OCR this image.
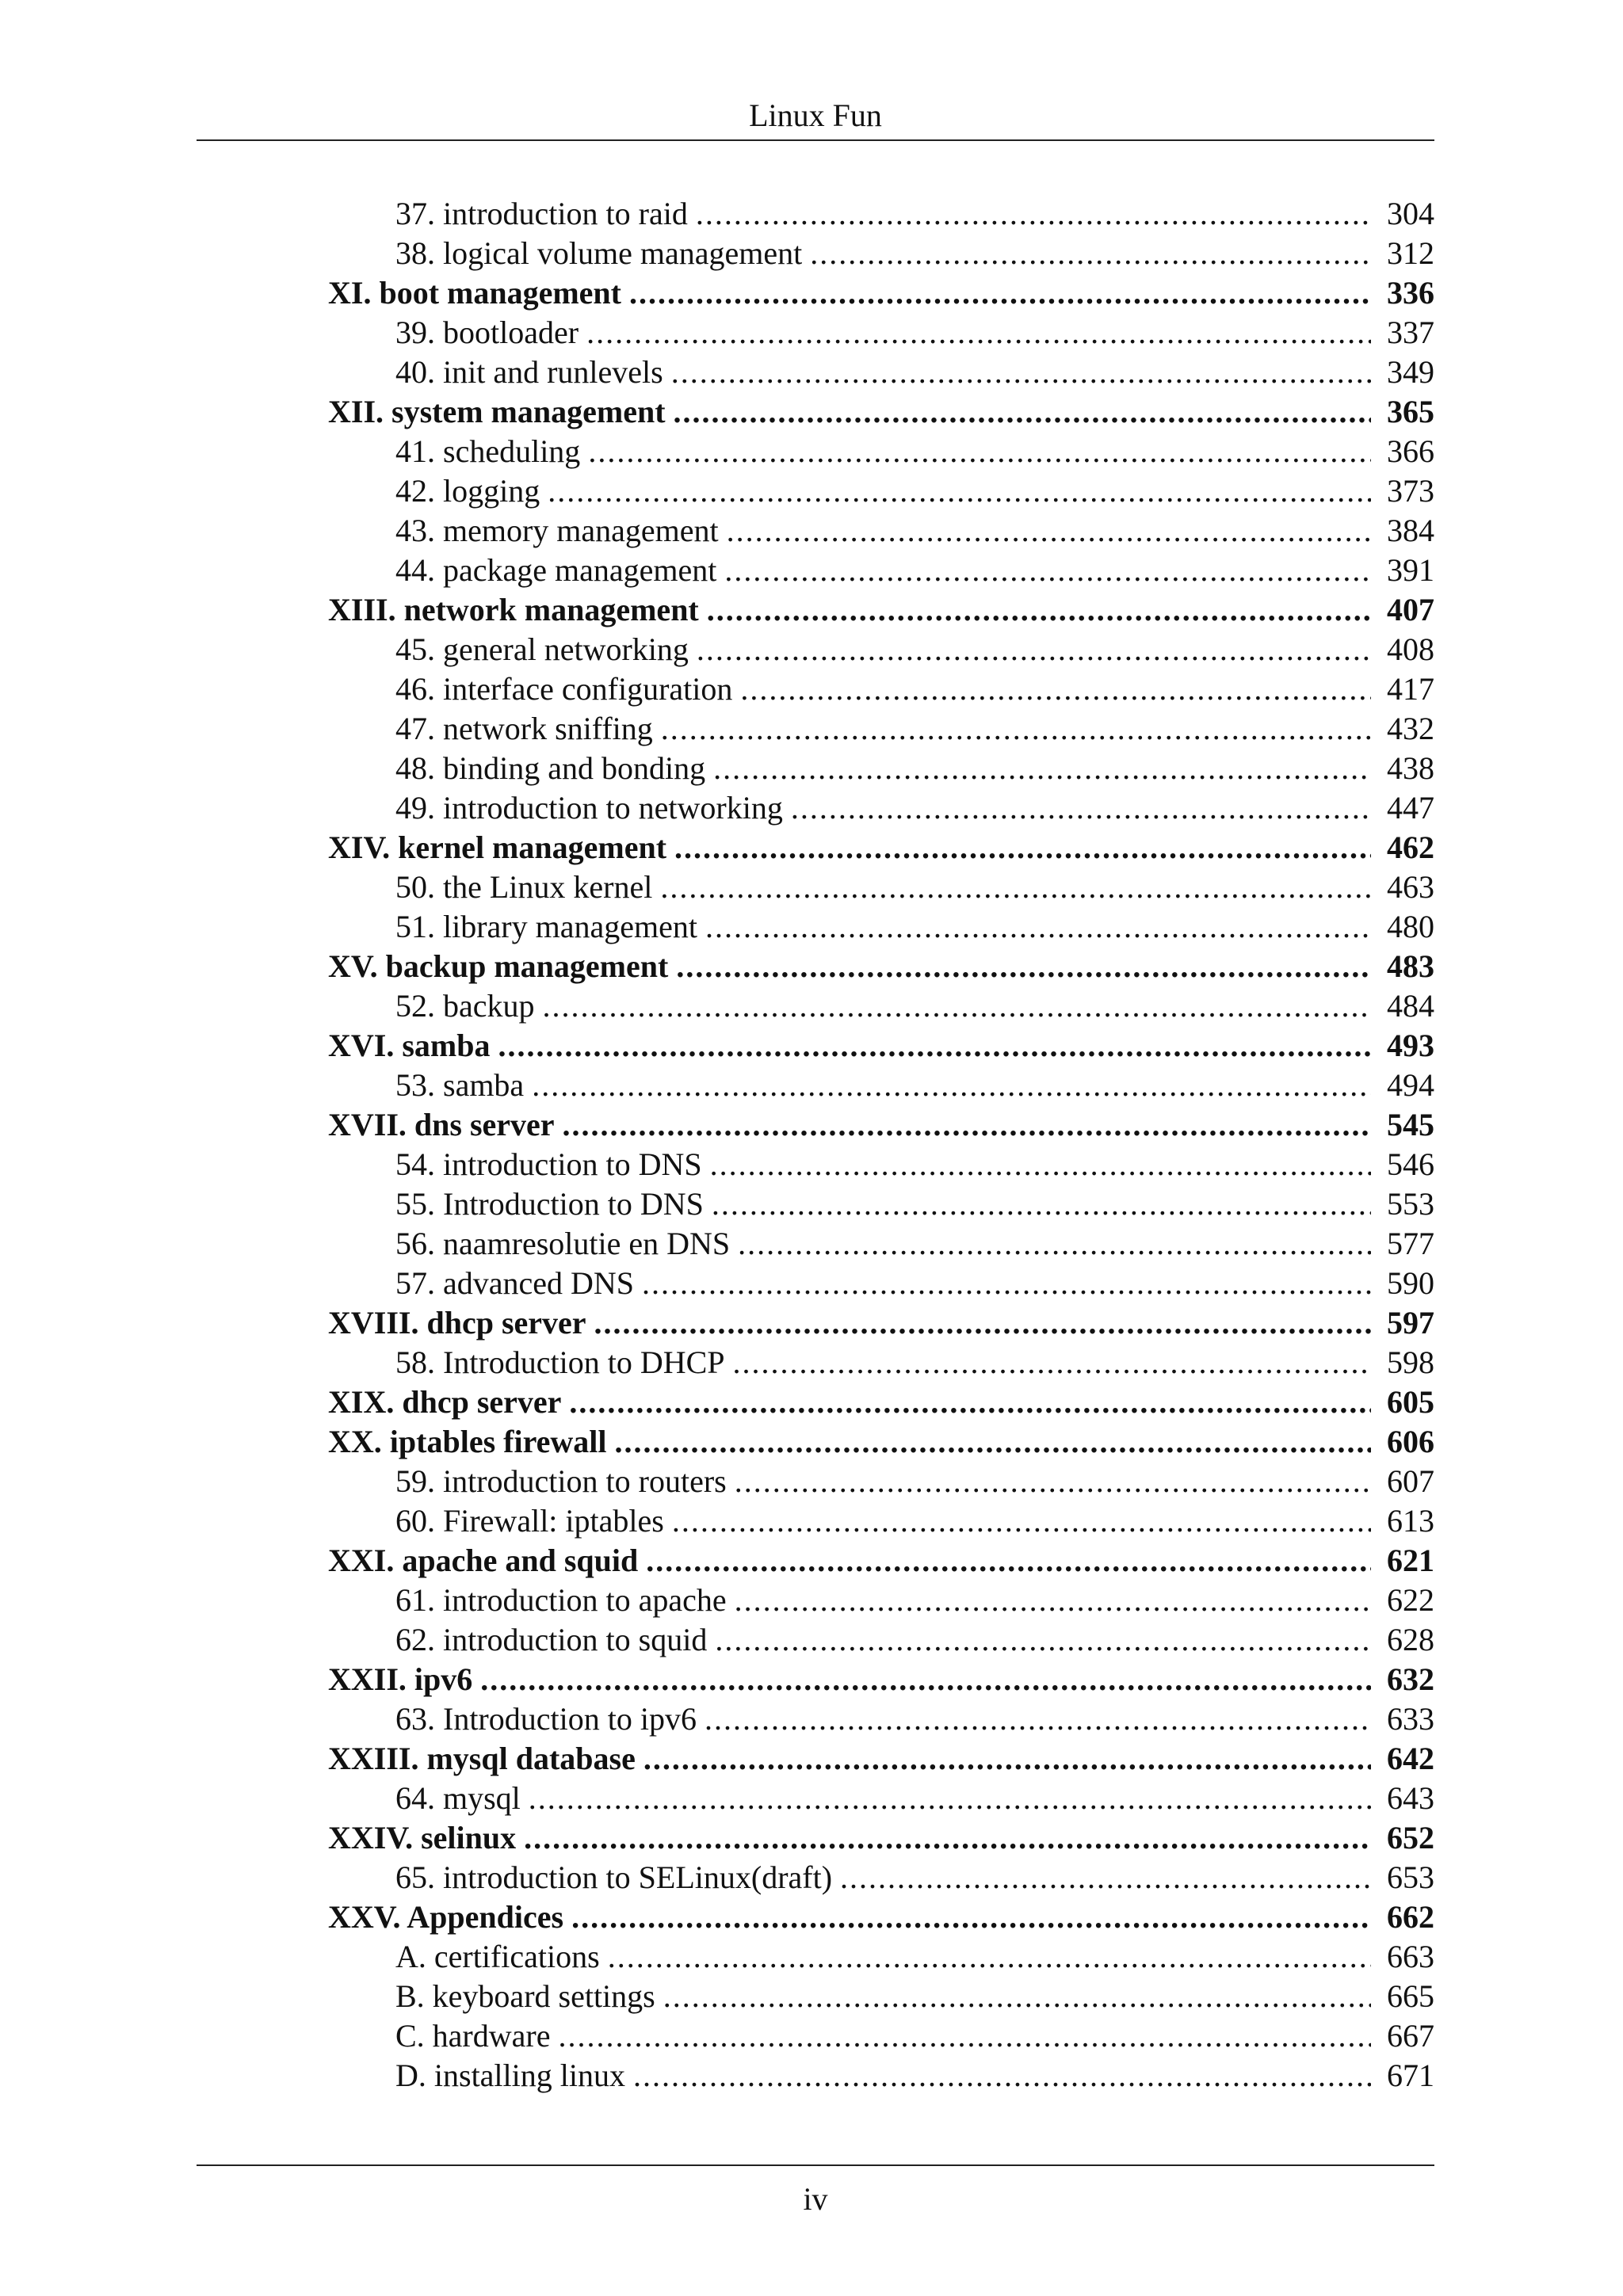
Linux Fun
37. introduction to raid .....	304
38. logical volume management .....	312
XI. boot management .....	336
39. bootloader .....	337
40. init and runlevels .....	349
XII. system management .....	365
41. scheduling .....	366
42. logging .....	373
43. memory management .....	384
44. package management .....	391
XIII. network management .....	407
45. general networking .....	408
46. interface configuration .....	417
47. network sniffing .....	432
48. binding and bonding .....	438
49. introduction to networking .....	447
XIV. kernel management .....	462
50. the Linux kernel .....	463
51. library management .....	480
XV. backup management .....	483
52. backup .....	484
XVI. samba .....	493
53. samba .....	494
XVII. dns server .....	545
54. introduction to DNS .....	546
55. Introduction to DNS .....	553
56. naamresolutie en DNS .....	577
57. advanced DNS .....	590
XVIII. dhcp server .....	597
58. Introduction to DHCP .....	598
XIX. dhcp server .....	605
XX. iptables firewall .....	606
59. introduction to routers .....	607
60. Firewall: iptables .....	613
XXI. apache and squid .....	621
61. introduction to apache .....	622
62. introduction to squid .....	628
XXII. ipv6 .....	632
63. Introduction to ipv6 .....	633
XXIII. mysql database .....	642
64. mysql .....	643
XXIV. selinux .....	652
65. introduction to SELinux(draft) .....	653
XXV. Appendices .....	662
A. certifications .....	663
B. keyboard settings .....	665
C. hardware .....	667
D. installing linux .....	671
iv
